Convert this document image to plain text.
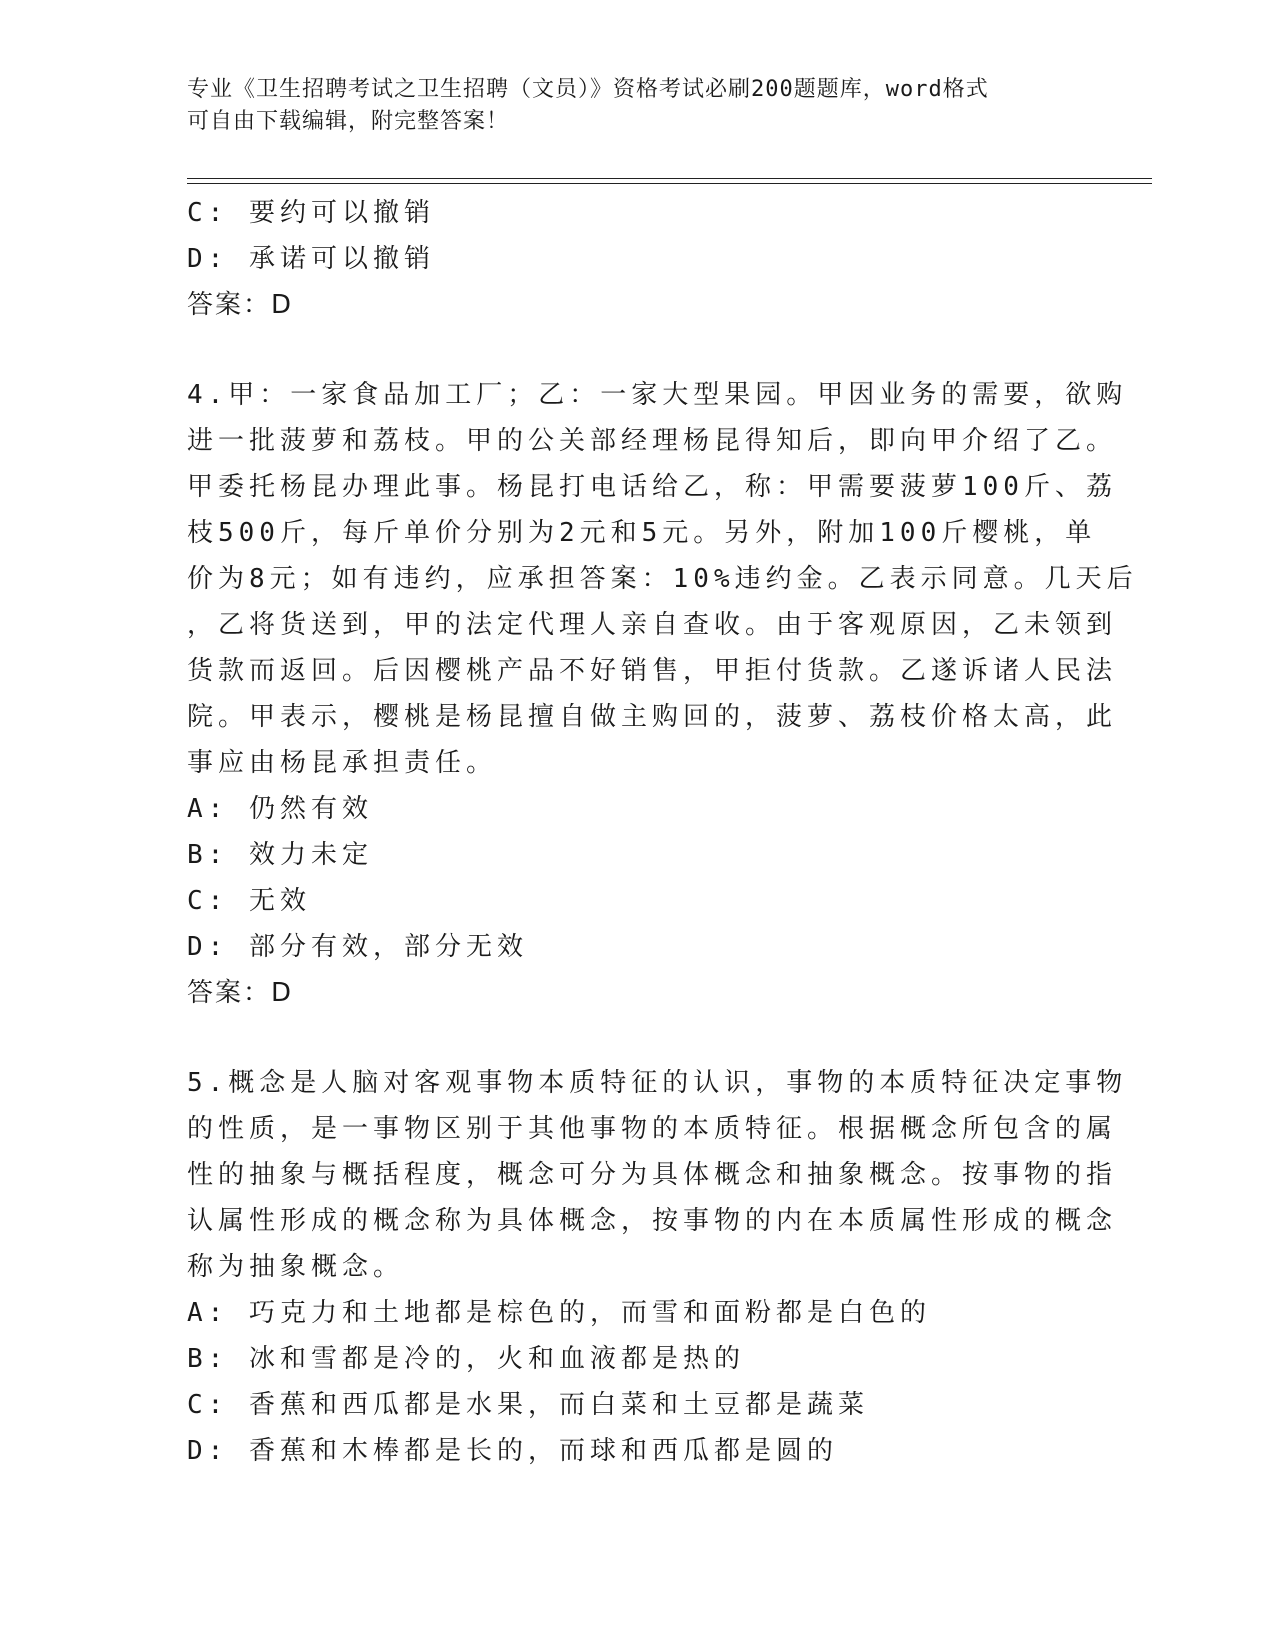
专业《卫生招聘考试之卫生招聘（文员）》资格考试必刷200题题库，word格式
可自由下载编辑，附完整答案！

C: 要约可以撤销

D: 承诺可以撤销

答案：D

4.甲：一家食品加工厂；乙：一家大型果园。甲因业务的需要，欲购

进一批菠萝和荔枝。甲的公关部经理杨昆得知后，即向甲介绍了乙。

甲委托杨昆办理此事。杨昆打电话给乙，称：甲需要菠萝100斤、荔

枝500斤，每斤单价分别为2元和5元。另外，附加100斤樱桃，单

价为8元；如有违约，应承担答案：10%违约金。乙表示同意。几天后

，乙将货送到，甲的法定代理人亲自查收。由于客观原因，乙未领到

货款而返回。后因樱桃产品不好销售，甲拒付货款。乙遂诉诸人民法

院。甲表示，樱桃是杨昆擅自做主购回的，菠萝、荔枝价格太高，此

事应由杨昆承担责任。

A: 仍然有效

B: 效力未定

C: 无效

D: 部分有效，部分无效

答案：D

5.概念是人脑对客观事物本质特征的认识，事物的本质特征决定事物

的性质，是一事物区别于其他事物的本质特征。根据概念所包含的属

性的抽象与概括程度，概念可分为具体概念和抽象概念。按事物的指

认属性形成的概念称为具体概念，按事物的内在本质属性形成的概念

称为抽象概念。

A: 巧克力和土地都是棕色的，而雪和面粉都是白色的

B: 冰和雪都是冷的，火和血液都是热的

C: 香蕉和西瓜都是水果，而白菜和土豆都是蔬菜

D: 香蕉和木棒都是长的，而球和西瓜都是圆的
